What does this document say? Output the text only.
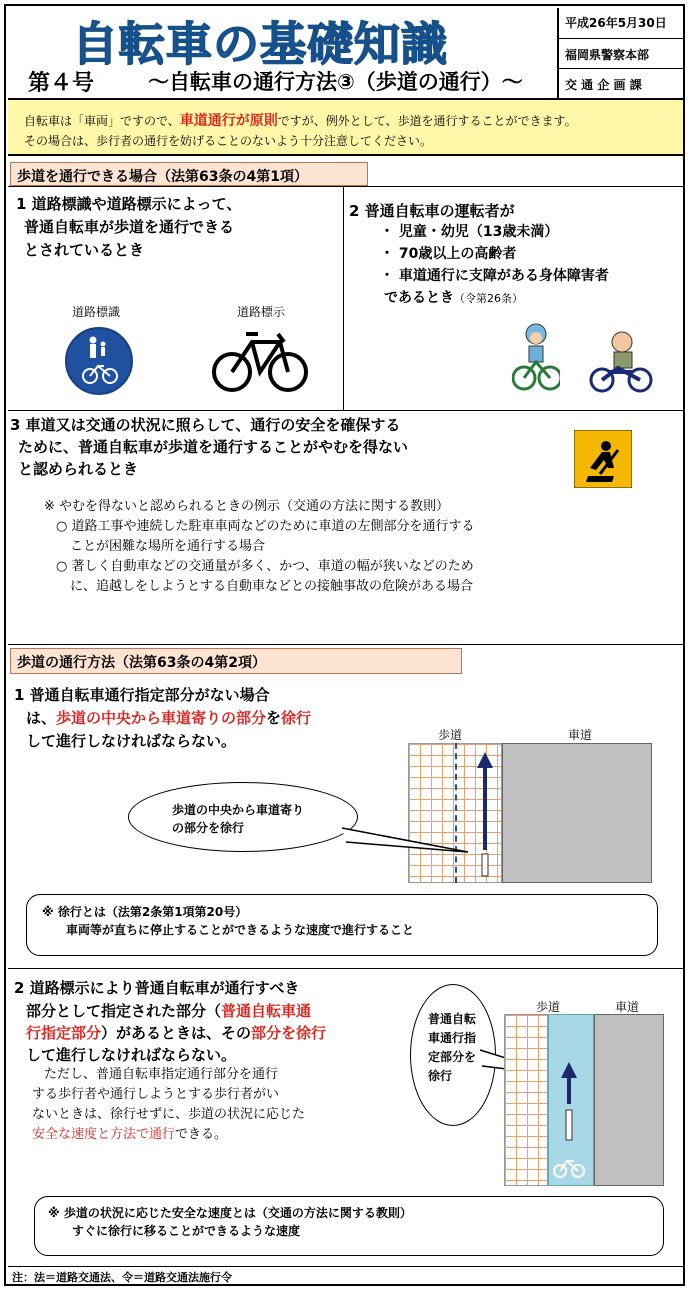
自転車の基礎知識
第４号	～自転車の通行方法③（歩道の通行）～
平成26年5月30日
福岡県警察本部
交 通 企 画 課

自転車は「車両」ですので、車道通行が原則ですが、例外として、歩道を通行することができます。

その場合は、歩行者の通行を妨げることのないよう十分注意してください。

歩道を通行できる場合（法第63条の4第1項）
1 道路標識や道路標示によって、
普通自転車が歩道を通行できる
とされているとき
道路標識	道路標示
2 普通自転車の運転者が
・ 児童・幼児（13歳未満）
・ 70歳以上の高齢者
・ 車道通行に支障がある身体障害者
であるとき（令第26条）
3 車道又は交通の状況に照らして、通行の安全を確保する
ために、普通自転車が歩道を通行することがやむを得ない
と認められるとき
※ やむを得ないと認められるときの例示（交通の方法に関する教則）
○ 道路工事や連続した駐車車両などのために車道の左側部分を通行する
ことが困難な場所を通行する場合
○ 著しく自動車などの交通量が多く、かつ、車道の幅が狭いなどのため
に、追越しをしようとする自動車などとの接触事故の危険がある場合
歩道の通行方法（法第63条の4第2項）
1 普通自転車通行指定部分がない場合
は、歩道の中央から車道寄りの部分を徐行
して進行しなければならない。	歩道	車道
歩道の中央から車道寄り
の部分を徐行
※ 徐行とは（法第2条第1項第20号）
車両等が直ちに停止することができるような速度で進行すること
2 道路標示により普通自転車が通行すべき
部分として指定された部分（普通自転車通
行指定部分）があるときは、その部分を徐行
して進行しなければならない。
ただし、普通自転車指定通行部分を通行
する歩行者や通行しようとする歩行者がい
ないときは、徐行せずに、歩道の状況に応じた
安全な速度と方法で通行できる。
普通自転
車通行指
定部分を
徐行
歩道	車道
※ 歩道の状況に応じた安全な速度とは（交通の方法に関する教則）
すぐに徐行に移ることができるような速度
注：法＝道路交通法、令＝道路交通法施行令
